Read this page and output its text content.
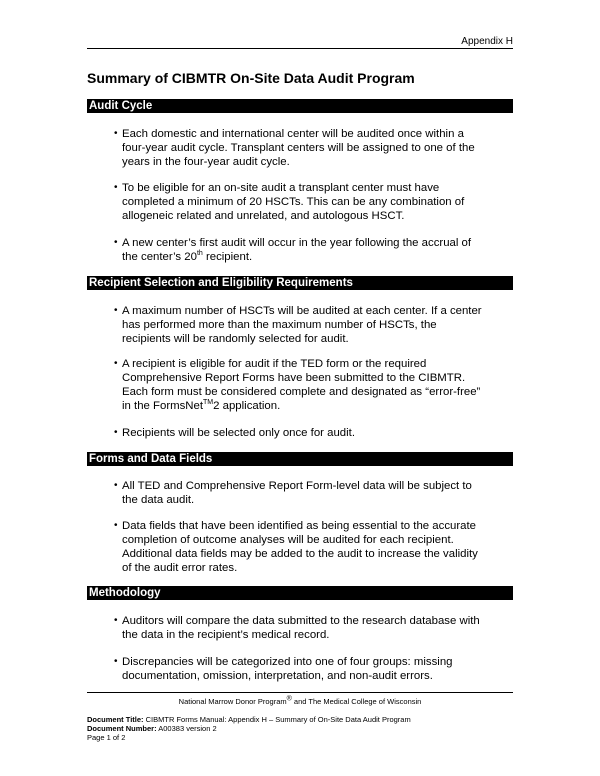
Appendix H
Summary of CIBMTR On-Site Data Audit Program
Audit Cycle
• Each domestic and international center will be audited once within a
four-year audit cycle. Transplant centers will be assigned to one of the
years in the four-year audit cycle.
• To be eligible for an on-site audit a transplant center must have
completed a minimum of 20 HSCTs. This can be any combination of
allogeneic related and unrelated, and autologous HSCT.
• A new center’s first audit will occur in the year following the accrual of
the center’s 20th recipient.
Recipient Selection and Eligibility Requirements
• A maximum number of HSCTs will be audited at each center. If a center
has performed more than the maximum number of HSCTs, the
recipients will be randomly selected for audit.
• A recipient is eligible for audit if the TED form or the required
Comprehensive Report Forms have been submitted to the CIBMTR.
Each form must be considered complete and designated as “error-free”
in the FormsNet™2 application.
• Recipients will be selected only once for audit.
Forms and Data Fields
• All TED and Comprehensive Report Form-level data will be subject to
the data audit.
• Data fields that have been identified as being essential to the accurate
completion of outcome analyses will be audited for each recipient.
Additional data fields may be added to the audit to increase the validity
of the audit error rates.
Methodology
• Auditors will compare the data submitted to the research database with
the data in the recipient’s medical record.
• Discrepancies will be categorized into one of four groups: missing
documentation, omission, interpretation, and non-audit errors.
National Marrow Donor Program® and The Medical College of Wisconsin
Document Title: CIBMTR Forms Manual: Appendix H – Summary of On-Site Data Audit Program
Document Number: A00383 version 2
Page 1 of 2
